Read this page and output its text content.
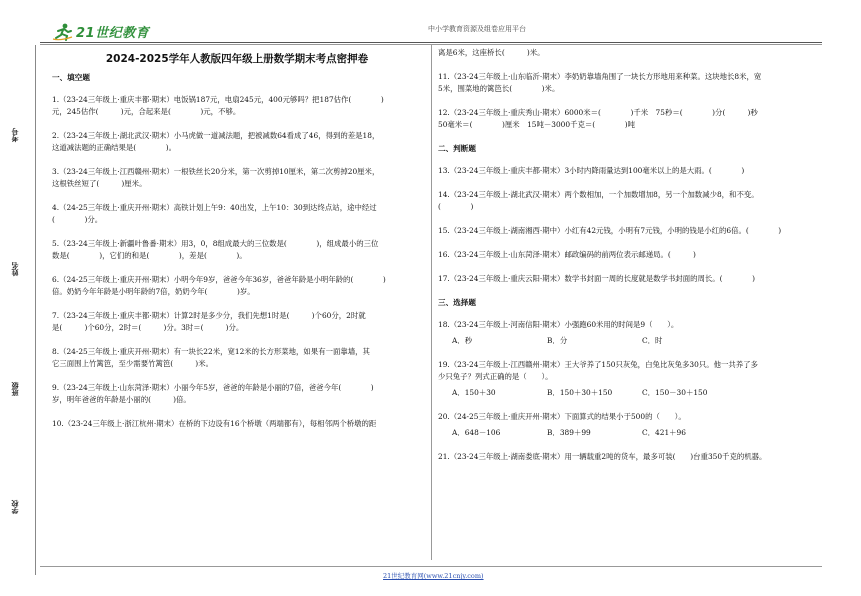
21世纪教育	中小学教育资源及组卷应用平台
考号
姓名
班级
学校
2024-2025学年人教版四年级上册数学期末考点密押卷
一、填空题
1.（23-24三年级上·重庆丰都·期末）电饭锅187元，电扇245元，400元够吗？把187估作(　　　　)
元，245估作(　　　)元，合起来是(　　　　)元，不够。
2.（23-24三年级上·湖北武汉·期末）小马虎做一道减法题，把被减数64看成了46，得到的差是18，
这道减法题的正确结果是(　　　　)。
3.（23-24三年级上·江西赣州·期末）一根铁丝长20分米，第一次剪掉10厘米，第二次剪掉20厘米，
这根铁丝短了(　　　)厘米。
4.（24-25三年级上·重庆开州·期末）高铁计划上午9：40出发，上午10：30到达终点站，途中经过
(　　　　)分。
5.（23-24三年级上·新疆叶鲁番·期末）用3，0，8组成最大的三位数是(　　　　)，组成最小的三位
数是(　　　　)，它们的和是(　　　　)，差是(　　　　)。
6.（24-25三年级上·重庆开州·期末）小明今年9岁，爸爸今年36岁，爸爸年龄是小明年龄的(　　　　)
倍。奶奶今年年龄是小明年龄的7倍，奶奶今年(　　　　)岁。
7.（23-24三年级上·重庆丰都·期末）计算2时是多少分，我们先想1时是(　　　)个60分，2时就
是(　　　)个60分，2时＝(　　　)分。3时＝(　　　)分。
8.（24-25三年级上·重庆开州·期末）有一块长22米，宽12米的长方形菜地，如果有一面靠墙，其
它三面围上竹篱笆，至少需要竹篱笆(　　　)米。
9.（23-24三年级上·山东菏泽·期末）小丽今年5岁，爸爸的年龄是小丽的7倍，爸爸今年(　　　　)
岁，明年爸爸的年龄是小丽的(　　　)倍。
10.（23-24三年级上·浙江杭州·期末）在桥的下边设有16个桥墩（两端都有），每相邻两个桥墩的距
离是6米，这座桥长(　　　)米。
11.（23-24三年级上·山东临沂·期末）李奶奶靠墙角围了一块长方形地用来种菜。这块地长8米，宽
5米，围菜地的篱笆长(　　　　)米。
12.（23-24三年级上·重庆秀山·期末）6000米＝(　　　　)千米　75秒＝(　　　　)分(　　　)秒
50毫米＝(　　　　)厘米　15吨－3000千克＝(　　　　)吨
二、判断题
13.（23-24三年级上·重庆丰都·期末）3小时内降雨量达到100毫米以上的是大雨。(　　　　)
14.（23-24三年级上·湖北武汉·期末）两个数相加，一个加数增加8，另一个加数减少8，和不变。
(　　　　)
15.（23-24三年级上·湖南湘西·期中）小红有42元钱，小明有7元钱，小明的钱是小红的6倍。(　　　　)
16.（23-24三年级上·山东菏泽·期末）邮政编码的前两位表示邮递局。(　　　)
17.（23-24三年级上·重庆云阳·期末）数学书封面一周的长度就是数学书封面的周长。(　　　　)
三、选择题
18.（23-24三年级上·河南信阳·期末）小强跑60米用的时间是9（　　）。
A．秒	B．分	C．时
19.（23-24三年级上·江西赣州·期末）王大爷养了150只灰兔，白兔比灰兔多30只。他一共养了多
少只兔子？列式正确的是（　　）。
A．150＋30	B．150＋30＋150	C．150－30＋150
20.（24-25三年级上·重庆开州·期末）下面算式的结果小于500的（　　）。
A．648－106	B．389＋99	C．421＋96
21.（23-24三年级上·湖南娄底·期末）用一辆载重2吨的货车，最多可装(　　)台重350千克的机器。
21世纪教育网(www.21cnjy.com)
